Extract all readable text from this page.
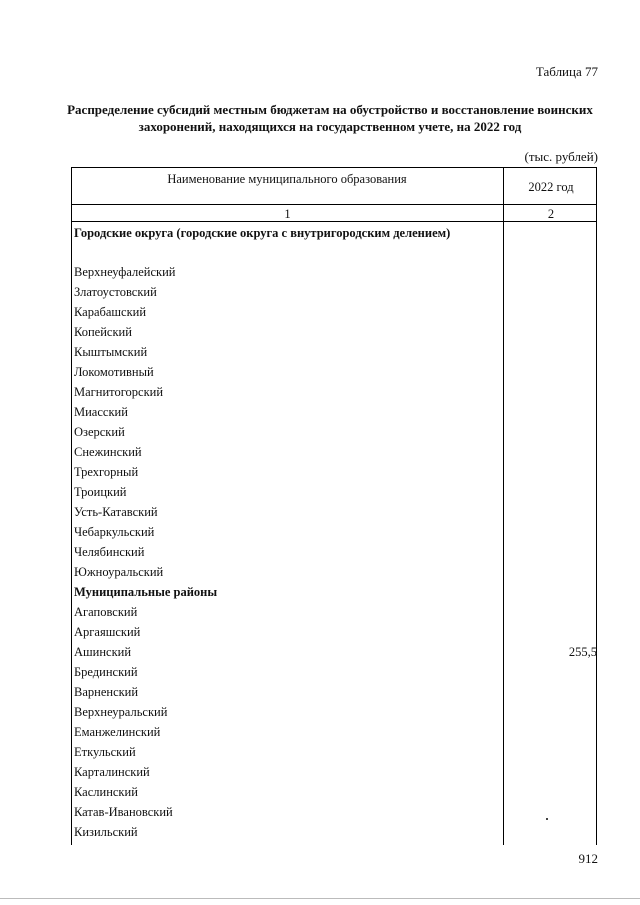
Таблица 77
Распределение субсидий местным бюджетам на обустройство и восстановление воинских захоронений, находящихся на государственном учете, на 2022 год
(тыс. рублей)
Наименование муниципального образования
2022 год
1	2
Городские округа (городские округа с внутригородским делением)
Верхнеуфалейский
Златоустовский
Карабашский
Копейский
Кыштымский
Локомотивный
Магнитогорский
Миасский
Озерский
Снежинский
Трехгорный
Троицкий
Усть-Катавский
Чебаркульский
Челябинский
Южноуральский
Муниципальные районы
Агаповский
Аргаяшский
Ашинский	255,5
Брединский
Варненский
Верхнеуральский
Еманжелинский
Еткульский
Карталинский
Каслинский
Катав-Ивановский
Кизильский
912
